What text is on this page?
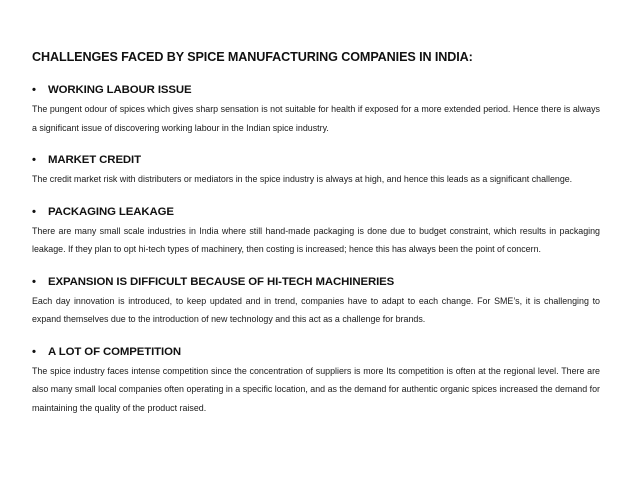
CHALLENGES FACED BY SPICE MANUFACTURING COMPANIES IN INDIA:
• WORKING LABOUR ISSUE

The pungent odour of spices which gives sharp sensation is not suitable for health if exposed for a more extended period. Hence there is always a significant issue of discovering working labour in the Indian spice industry.

• MARKET CREDIT

The credit market risk with distributers or mediators in the spice industry is always at high, and hence this leads as a significant challenge.

• PACKAGING LEAKAGE

There are many small scale industries in India where still hand-made packaging is done due to budget constraint, which results in packaging leakage. If they plan to opt hi-tech types of machinery, then costing is increased; hence this has always been the point of concern.

• EXPANSION IS DIFFICULT BECAUSE OF HI-TECH MACHINERIES

Each day innovation is introduced, to keep updated and in trend, companies have to adapt to each change. For SME’s, it is challenging to expand themselves due to the introduction of new technology and this act as a challenge for brands.

• A LOT OF COMPETITION

The spice industry faces intense competition since the concentration of suppliers is more Its competition is often at the regional level. There are also many small local companies often operating in a specific location, and as the demand for authentic organic spices increased the demand for maintaining the quality of the product raised.
